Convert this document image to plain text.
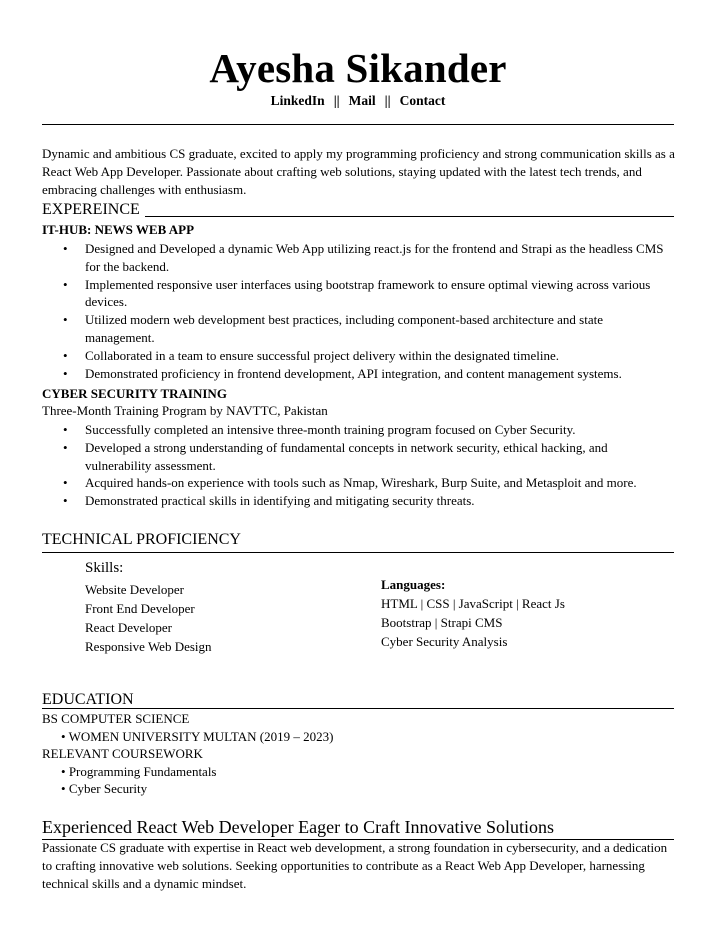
Ayesha Sikander
LinkedIn || Mail || Contact
Dynamic and ambitious CS graduate, excited to apply my programming proficiency and strong communication skills as a React Web App Developer. Passionate about crafting web solutions, staying updated with the latest tech trends, and embracing challenges with enthusiasm.
EXPEREINCE
IT-HUB: NEWS WEB APP
• Designed and Developed a dynamic Web App utilizing react.js for the frontend and Strapi as the headless CMS for the backend.
• Implemented responsive user interfaces using bootstrap framework to ensure optimal viewing across various devices.
• Utilized modern web development best practices, including component-based architecture and state management.
• Collaborated in a team to ensure successful project delivery within the designated timeline.
• Demonstrated proficiency in frontend development, API integration, and content management systems.
CYBER SECURITY TRAINING
Three-Month Training Program by NAVTTC, Pakistan
• Successfully completed an intensive three-month training program focused on Cyber Security.
• Developed a strong understanding of fundamental concepts in network security, ethical hacking, and vulnerability assessment.
• Acquired hands-on experience with tools such as Nmap, Wireshark, Burp Suite, and Metasploit and more.
• Demonstrated practical skills in identifying and mitigating security threats.
TECHNICAL PROFICIENCY
Skills:
Website Developer
Front End Developer
React Developer
Responsive Web Design
Languages:
HTML | CSS | JavaScript | React Js
Bootstrap | Strapi CMS
Cyber Security Analysis
EDUCATION
BS COMPUTER SCIENCE
• WOMEN UNIVERSITY MULTAN (2019 – 2023)
RELEVANT COURSEWORK
• Programming Fundamentals
• Cyber Security
Experienced React Web Developer Eager to Craft Innovative Solutions
Passionate CS graduate with expertise in React web development, a strong foundation in cybersecurity, and a dedication to crafting innovative web solutions. Seeking opportunities to contribute as a React Web App Developer, harnessing technical skills and a dynamic mindset.
